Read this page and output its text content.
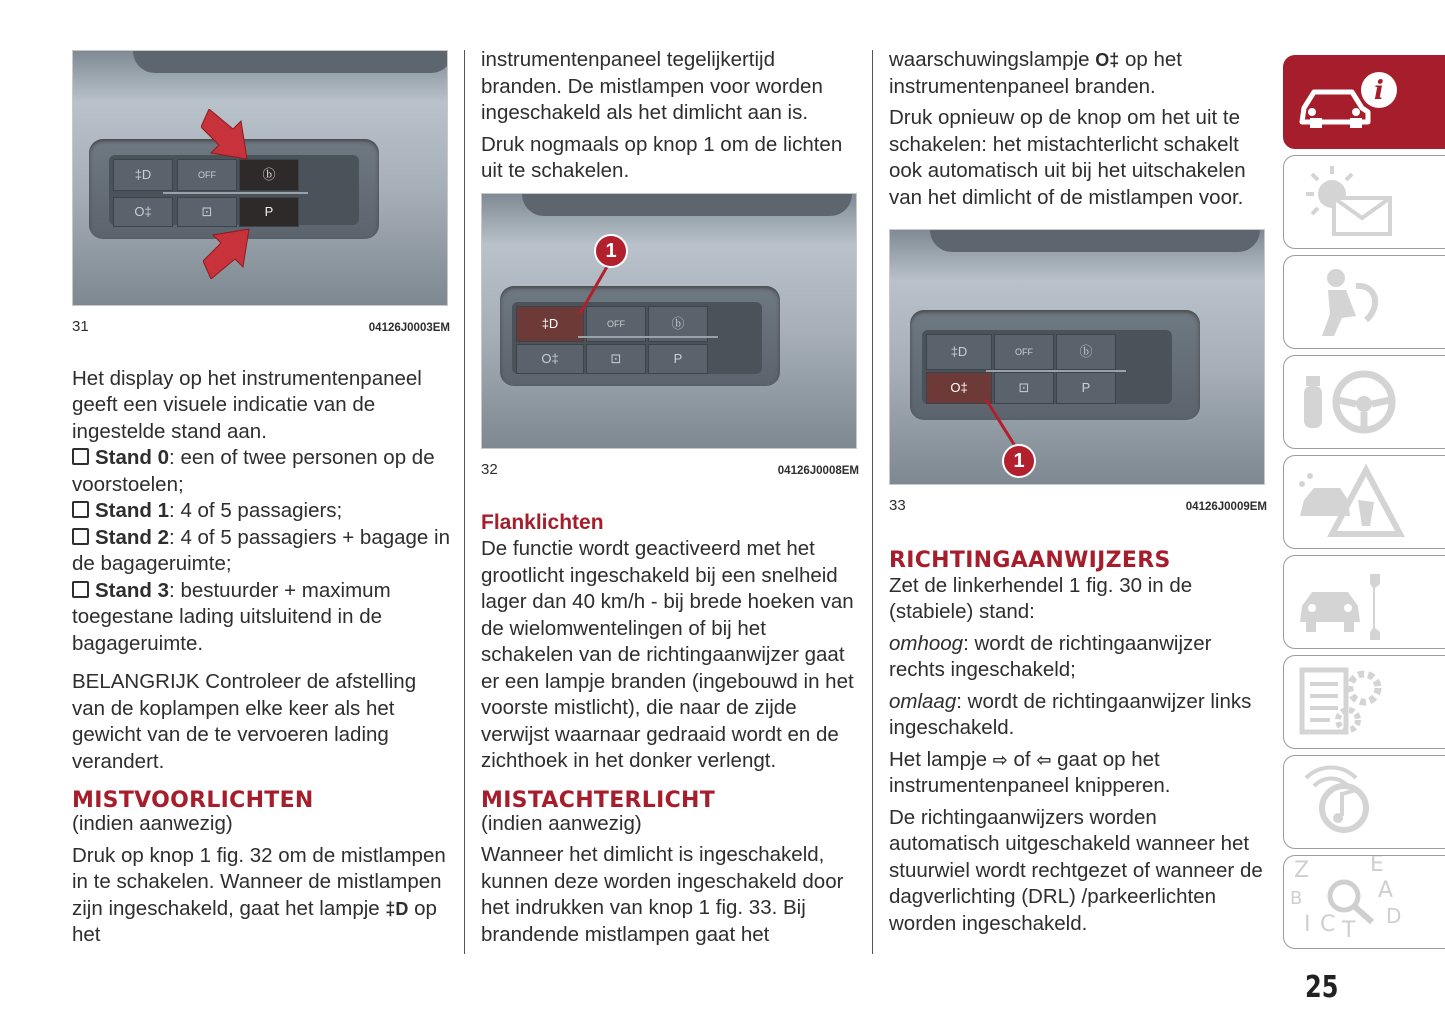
‡D	OFF	ⓑ
O‡	⊡	P
31	04126J0003EM

Het display op het instrumentenpaneel geeft een visuele indicatie van de ingestelde stand aan.

Stand 0: een of twee personen op de voorstoelen;

Stand 1: 4 of 5 passagiers;

Stand 2: 4 of 5 passagiers + bagage in de bagageruimte;

Stand 3: bestuurder + maximum toegestane lading uitsluitend in de bagageruimte.

BELANGRIJK Controleer de afstelling van de koplampen elke keer als het gewicht van de te vervoeren lading verandert.

MISTVOORLICHTEN

(indien aanwezig)

Druk op knop 1 fig. 32 om de mistlampen in te schakelen. Wanneer de mistlampen zijn ingeschakeld, gaat het lampje ‡D op het

instrumentenpaneel tegelijkertijd branden. De mistlampen voor worden ingeschakeld als het dimlicht aan is.

Druk nogmaals op knop 1 om de lichten uit te schakelen.

‡D	OFF	ⓑ
O‡	⊡	P
1
32	04126J0008EM
Flanklichten

De functie wordt geactiveerd met het grootlicht ingeschakeld bij een snelheid lager dan 40 km/h - bij brede hoeken van de wielomwentelingen of bij het schakelen van de richtingaanwijzer gaat er een lampje branden (ingebouwd in het voorste mistlicht), die naar de zijde verwijst waarnaar gedraaid wordt en de zichthoek in het donker verlengt.

MISTACHTERLICHT

(indien aanwezig)

Wanneer het dimlicht is ingeschakeld, kunnen deze worden ingeschakeld door het indrukken van knop 1 fig. 33. Bij brandende mistlampen gaat het

waarschuwingslampje O‡ op het instrumentenpaneel branden.

Druk opnieuw op de knop om het uit te schakelen: het mistachterlicht schakelt ook automatisch uit bij het uitschakelen van het dimlicht of de mistlampen voor.

‡D	OFF	ⓑ
O‡	⊡	P
1
33	04126J0009EM
RICHTINGAANWIJZERS

Zet de linkerhendel 1 fig. 30 in de (stabiele) stand:

omhoog: wordt de richtingaanwijzer rechts ingeschakeld;

omlaag: wordt de richtingaanwijzer links ingeschakeld.

Het lampje ⇨ of ⇦ gaat op het instrumentenpaneel knipperen.

De richtingaanwijzers worden automatisch uitgeschakeld wanneer het stuurwiel wordt rechtgezet of wanneer de dagverlichting (DRL) /parkeerlichten worden ingeschakeld.

i
Z	E
B	A
I C T
D
25
